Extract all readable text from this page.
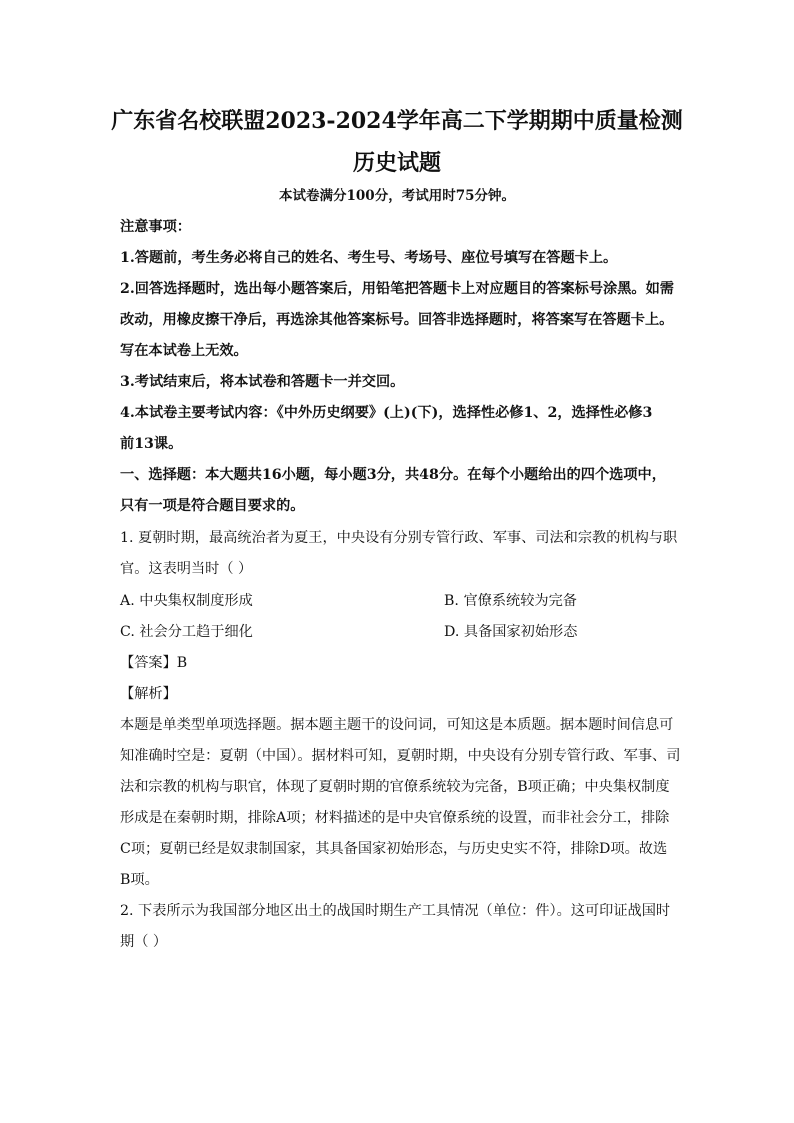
广东省名校联盟2023-2024学年高二下学期期中质量检测
历史试题
本试卷满分100分，考试用时75分钟。
注意事项：
1.答题前，考生务必将自己的姓名、考生号、考场号、座位号填写在答题卡上。
2.回答选择题时，选出每小题答案后，用铅笔把答题卡上对应题目的答案标号涂黑。如需
改动，用橡皮擦干净后，再选涂其他答案标号。回答非选择题时，将答案写在答题卡上。
写在本试卷上无效。
3.考试结束后，将本试卷和答题卡一并交回。
4.本试卷主要考试内容：《中外历史纲要》(上)(下)，选择性必修1、2，选择性必修3
前13课。
一、选择题：本大题共16小题，每小题3分，共48分。在每个小题给出的四个选项中，
只有一项是符合题目要求的。
1. 夏朝时期，最高统治者为夏王，中央设有分别专管行政、军事、司法和宗教的机构与职
官。这表明当时（ ）
A. 中央集权制度形成	B. 官僚系统较为完备
C. 社会分工趋于细化	D. 具备国家初始形态
【答案】B
【解析】
本题是单类型单项选择题。据本题主题干的设问词，可知这是本质题。据本题时间信息可
知准确时空是：夏朝（中国）。据材料可知，夏朝时期，中央设有分别专管行政、军事、司
法和宗教的机构与职官，体现了夏朝时期的官僚系统较为完备，B项正确；中央集权制度
形成是在秦朝时期，排除A项；材料描述的是中央官僚系统的设置，而非社会分工，排除
C项；夏朝已经是奴隶制国家，其具备国家初始形态，与历史史实不符，排除D项。故选
B项。
2. 下表所示为我国部分地区出土的战国时期生产工具情况（单位：件）。这可印证战国时
期（ ）
